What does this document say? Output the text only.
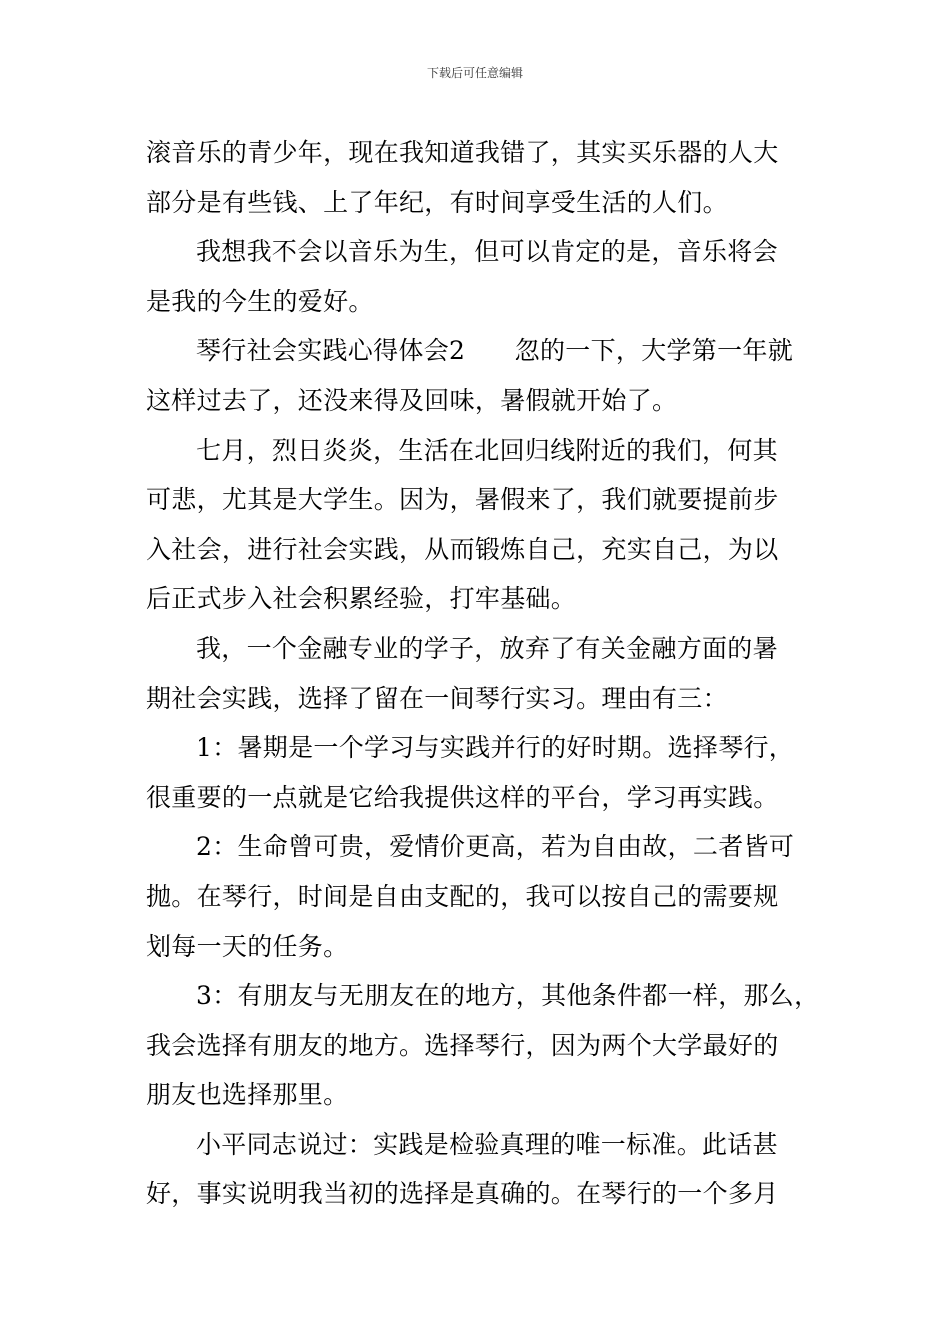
下载后可任意编辑
滚音乐的青少年，现在我知道我错了，其实买乐器的人大
部分是有些钱、上了年纪，有时间享受生活的人们。
我想我不会以音乐为生，但可以肯定的是，音乐将会
是我的今生的爱好。
琴行社会实践心得体会2      忽的一下，大学第一年就
这样过去了，还没来得及回味，暑假就开始了。
七月，烈日炎炎，生活在北回归线附近的我们，何其
可悲，尤其是大学生。因为，暑假来了，我们就要提前步
入社会，进行社会实践，从而锻炼自己，充实自己，为以
后正式步入社会积累经验，打牢基础。
我，一个金融专业的学子，放弃了有关金融方面的暑
期社会实践，选择了留在一间琴行实习。理由有三：
1：暑期是一个学习与实践并行的好时期。选择琴行，
很重要的一点就是它给我提供这样的平台，学习再实践。
2：生命曾可贵，爱情价更高，若为自由故，二者皆可
抛。在琴行，时间是自由支配的，我可以按自己的需要规
划每一天的任务。
3：有朋友与无朋友在的地方，其他条件都一样，那么，
我会选择有朋友的地方。选择琴行，因为两个大学最好的
朋友也选择那里。
小平同志说过：实践是检验真理的唯一标准。此话甚
好，事实说明我当初的选择是真确的。在琴行的一个多月
